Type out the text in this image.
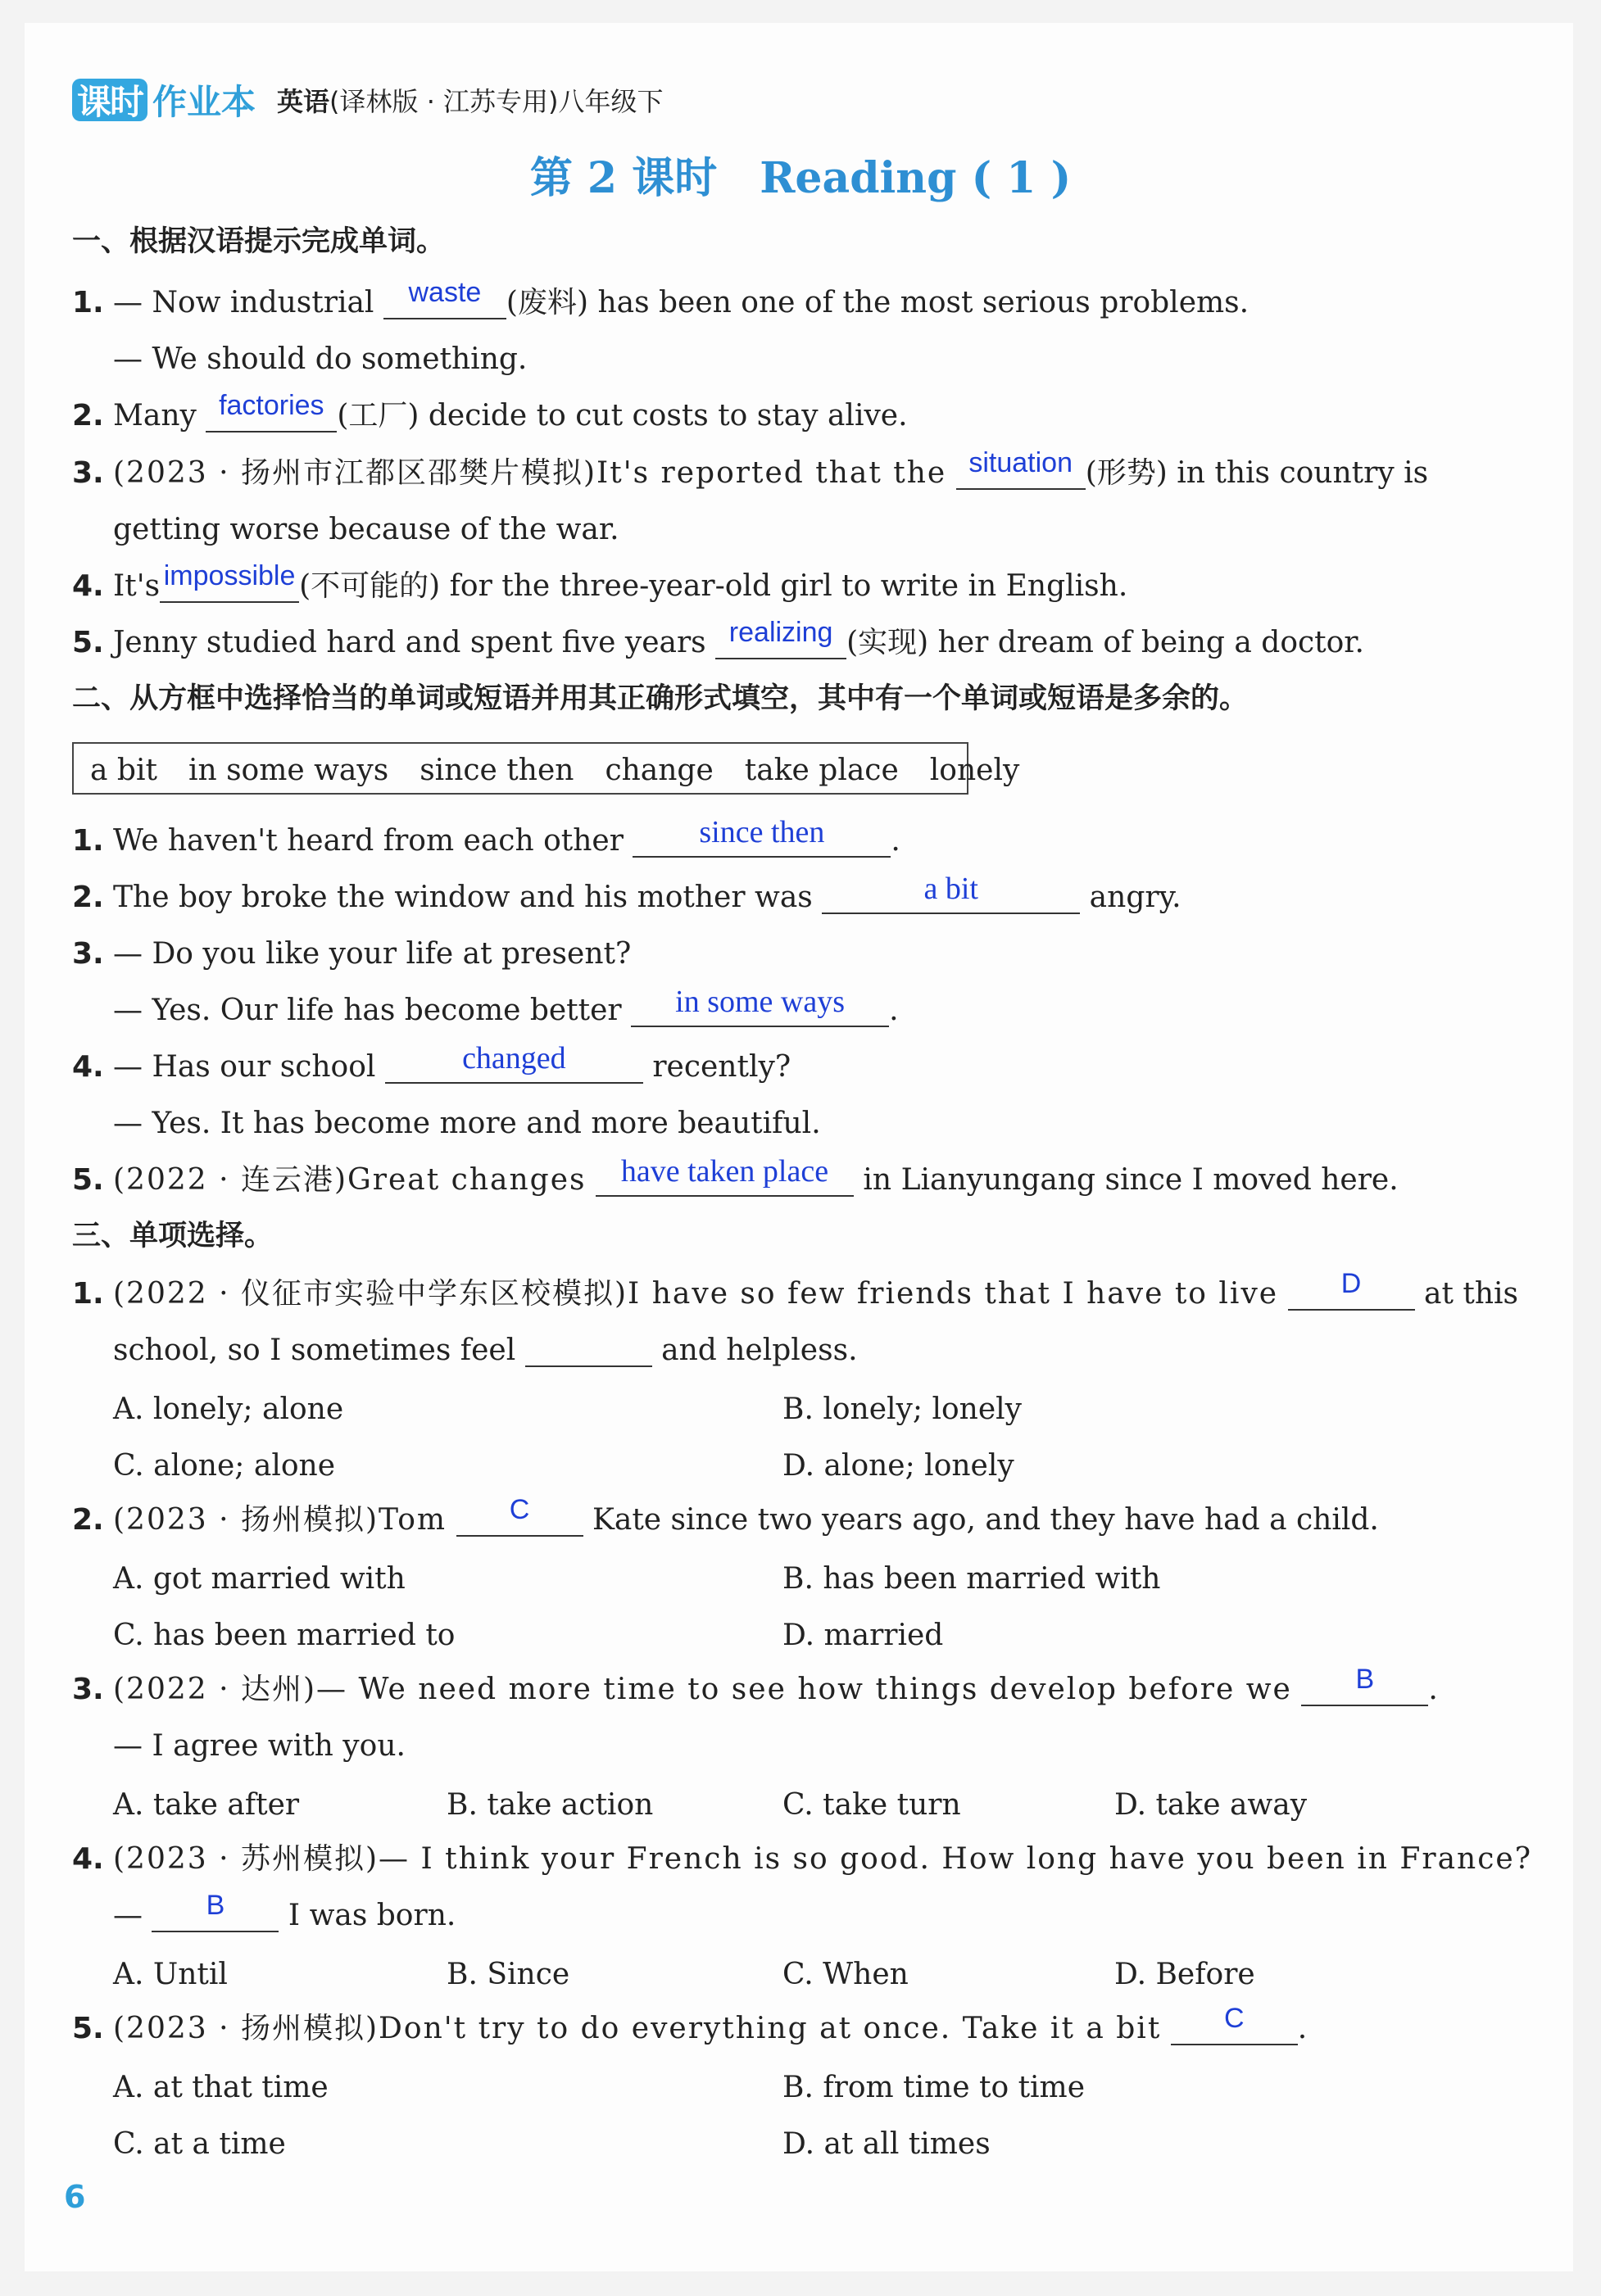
课时 作业本 英语(译林版 · 江苏专用)八年级下
第 2 课时　Reading ( 1 )
一、根据汉语提示完成单词。
1. — Now industrial	waste (废料) has been one of the most serious problems.
— We should do something.
2. Many factories (工厂) decide to cut costs to stay alive.
3. (2023 · 扬州市江都区邵樊片模拟)It's reported that the situation (形势) in this country is
getting worse because of the war.
4. It's impossible (不可能的) for the three-year-old girl to write in English.
5. Jenny studied hard and spent five years realizing (实现) her dream of being a doctor.
二、从方框中选择恰当的单词或短语并用其正确形式填空，其中有一个单词或短语是多余的。
a bit in some ways since then change take place lonely
1. We haven't heard from each other	since then	.
2. The boy broke the window and his mother was	a bit	angry.
3. — Do you like your life at present?
— Yes. Our life has become better	in some ways	.
4. — Has our school	changed	recently?
— Yes. It has become more and more beautiful.
5. (2022 · 连云港)Great changes	have taken place	in Lianyungang since I moved here.
三、单项选择。
1. (2022 · 仪征市实验中学东区校模拟)I have so few friends that I have to live	D	at this
school, so I sometimes feel	and helpless.
A. lonely; alone	B. lonely; lonely
C. alone; alone	D. alone; lonely
2. (2023 · 扬州模拟)Tom	C	Kate since two years ago, and they have had a child.
A. got married with	B. has been married with
C. has been married to	D. married
3. (2022 · 达州)— We need more time to see how things develop before we	B	.
— I agree with you.
A. take after	B. take action	C. take turn	D. take away
4. (2023 · 苏州模拟)— I think your French is so good. How long have you been in France?
—	B	I was born.
A. Until	B. Since	C. When	D. Before
5. (2023 · 扬州模拟)Don't try to do everything at once. Take it a bit	C	.
A. at that time	B. from time to time
C. at a time	D. at all times
6
